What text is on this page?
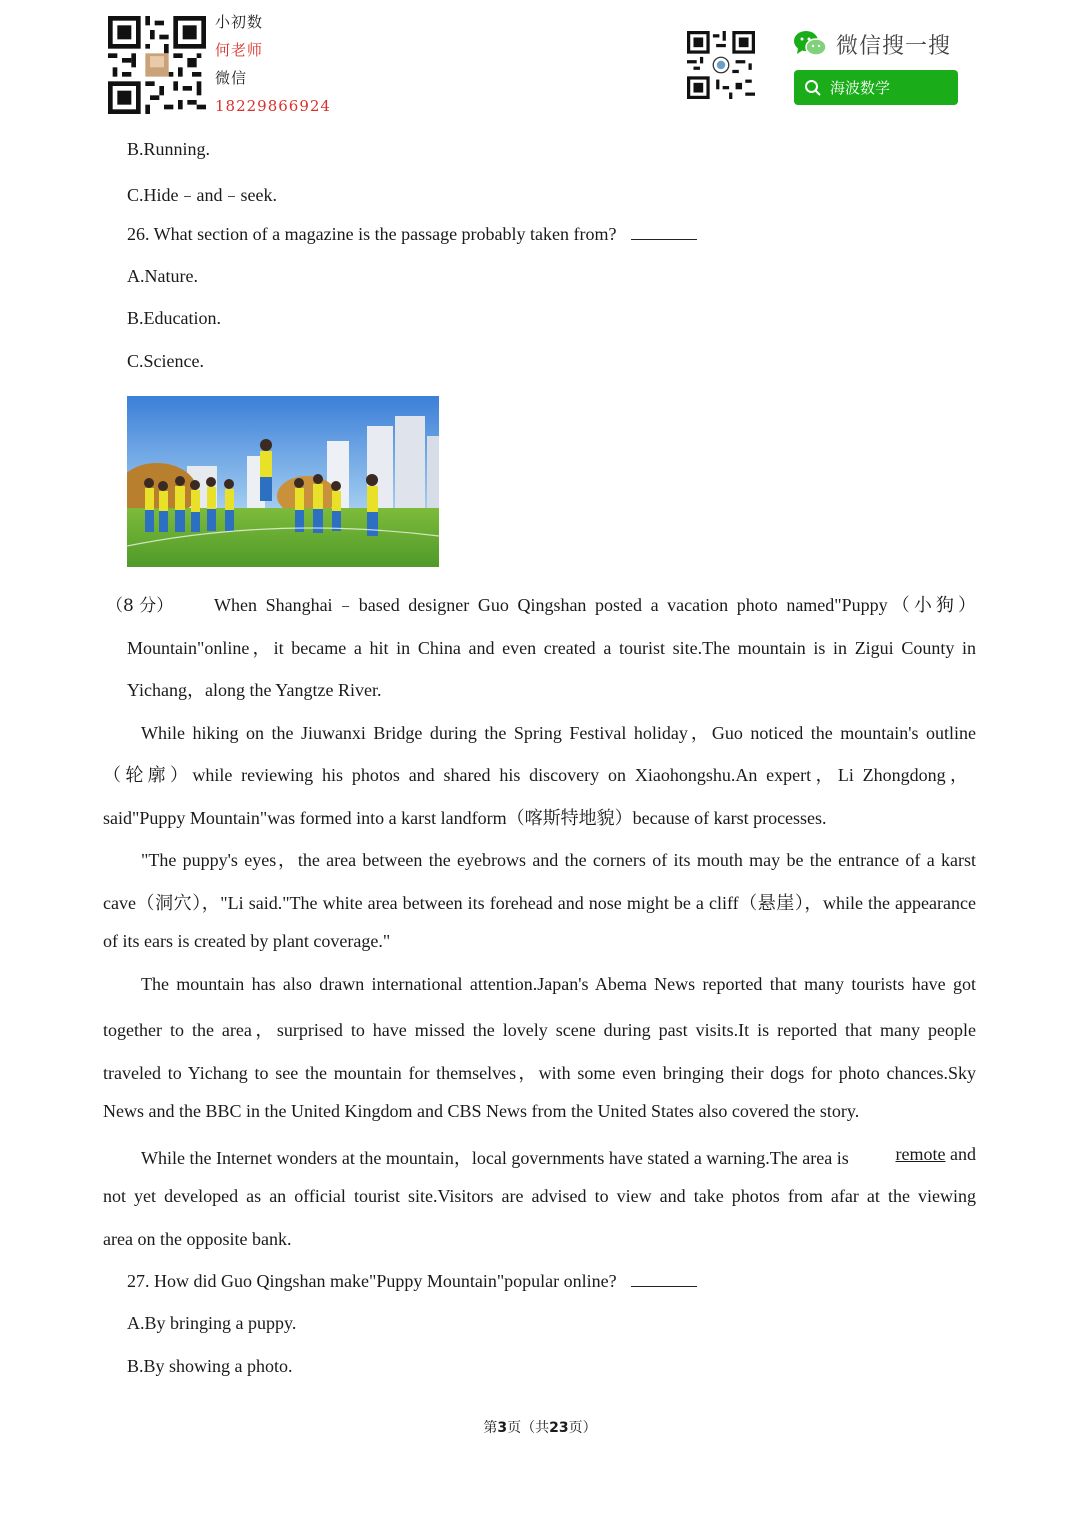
小初数
何老师
微信
18229866924
微信搜一搜
海波数学
B.Running.
C.Hide﹣and﹣seek.
26. What section of a magazine is the passage probably taken from?
A.Nature.
B.Education.
C.Science.
（8 分） When Shanghai﹣based designer Guo Qingshan posted a vacation photo named"Puppy（小狗）
Mountain"online，it became a hit in China and even created a tourist site.The mountain is in Zigui County in
Yichang，along the Yangtze River.
While hiking on the Jiuwanxi Bridge during the Spring Festival holiday，Guo noticed the mountain's outline
（轮廓）while reviewing his photos and shared his discovery on Xiaohongshu.An expert，Li Zhongdong，
said"Puppy Mountain"was formed into a karst landform（喀斯特地貌）because of karst processes.
"The puppy's eyes，the area between the eyebrows and the corners of its mouth may be the entrance of a karst
cave（洞穴），"Li said."The white area between its forehead and nose might be a cliff（悬崖），while the appearance
of its ears is created by plant coverage."
The mountain has also drawn international attention.Japan's Abema News reported that many tourists have got
together to the area，surprised to have missed the lovely scene during past visits.It is reported that many people
traveled to Yichang to see the mountain for themselves，with some even bringing their dogs for photo chances.Sky
News and the BBC in the United Kingdom and CBS News from the United States also covered the story.
While the Internet wonders at the mountain，local governments have stated a warning.The area is	remote and
not yet developed as an official tourist site.Visitors are advised to view and take photos from afar at the viewing
area on the opposite bank.
27. How did Guo Qingshan make"Puppy Mountain"popular online?
A.By bringing a puppy.
B.By showing a photo.
第3页（共23页）
